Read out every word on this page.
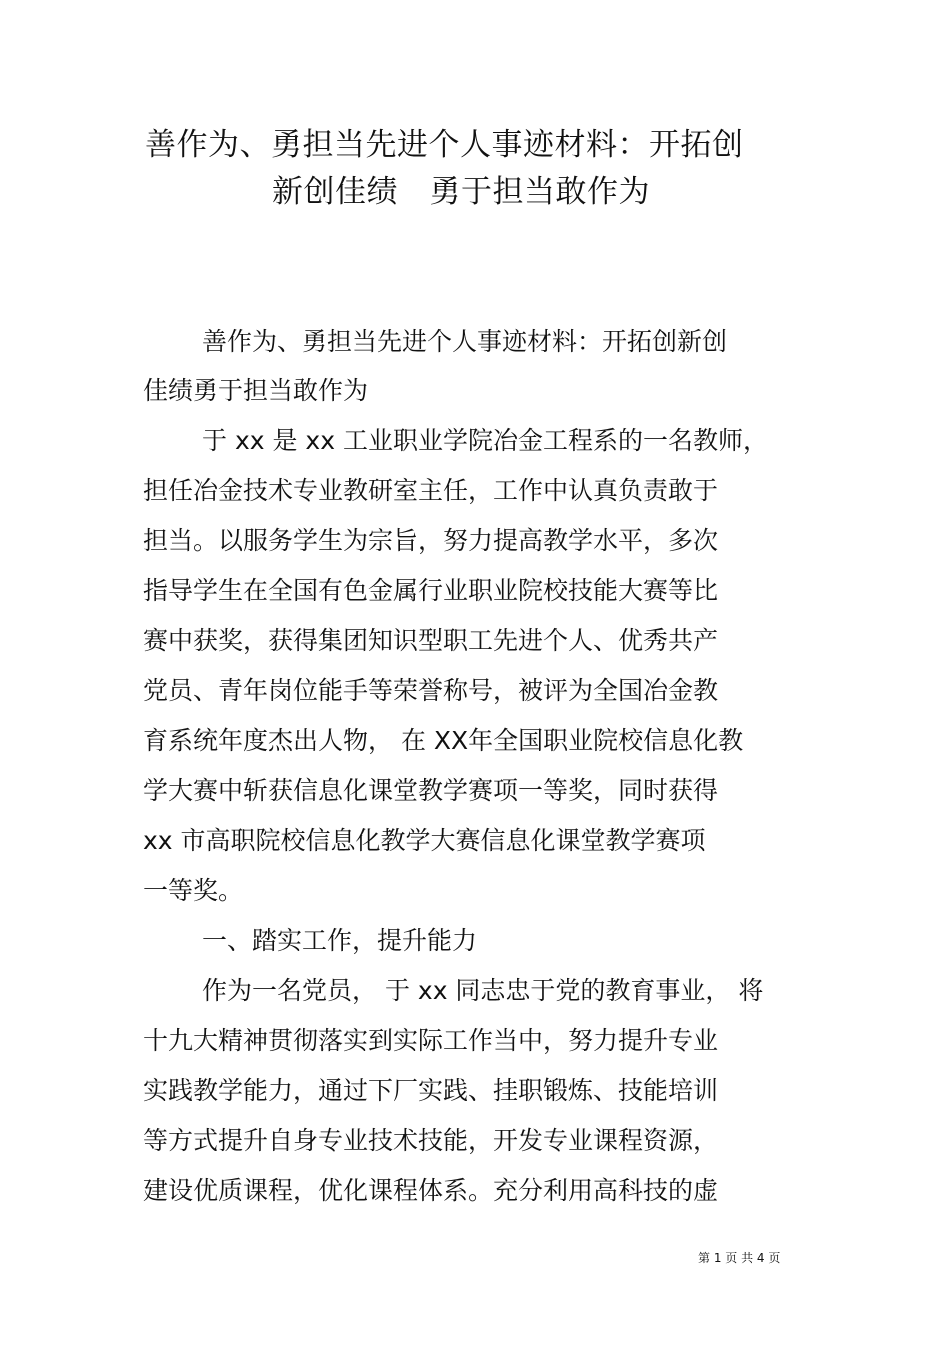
善作为、勇担当先进个人事迹材料：开拓创
新创佳绩　勇于担当敢作为
善作为、勇担当先进个人事迹材料：开拓创新创
佳绩勇于担当敢作为
于 xx 是 xx 工业职业学院冶金工程系的一名教师，
担任冶金技术专业教研室主任，工作中认真负责敢于
担当。以服务学生为宗旨，努力提高教学水平，多次
指导学生在全国有色金属行业职业院校技能大赛等比
赛中获奖，获得集团知识型职工先进个人、优秀共产
党员、青年岗位能手等荣誉称号，被评为全国冶金教
育系统年度杰出人物， 在 XX年全国职业院校信息化教
学大赛中斩获信息化课堂教学赛项一等奖，同时获得
xx 市高职院校信息化教学大赛信息化课堂教学赛项
一等奖。
一、踏实工作，提升能力
作为一名党员， 于 xx 同志忠于党的教育事业， 将
十九大精神贯彻落实到实际工作当中，努力提升专业
实践教学能力，通过下厂实践、挂职锻炼、技能培训
等方式提升自身专业技术技能，开发专业课程资源，
建设优质课程，优化课程体系。充分利用高科技的虚
第 1 页 共 4 页
